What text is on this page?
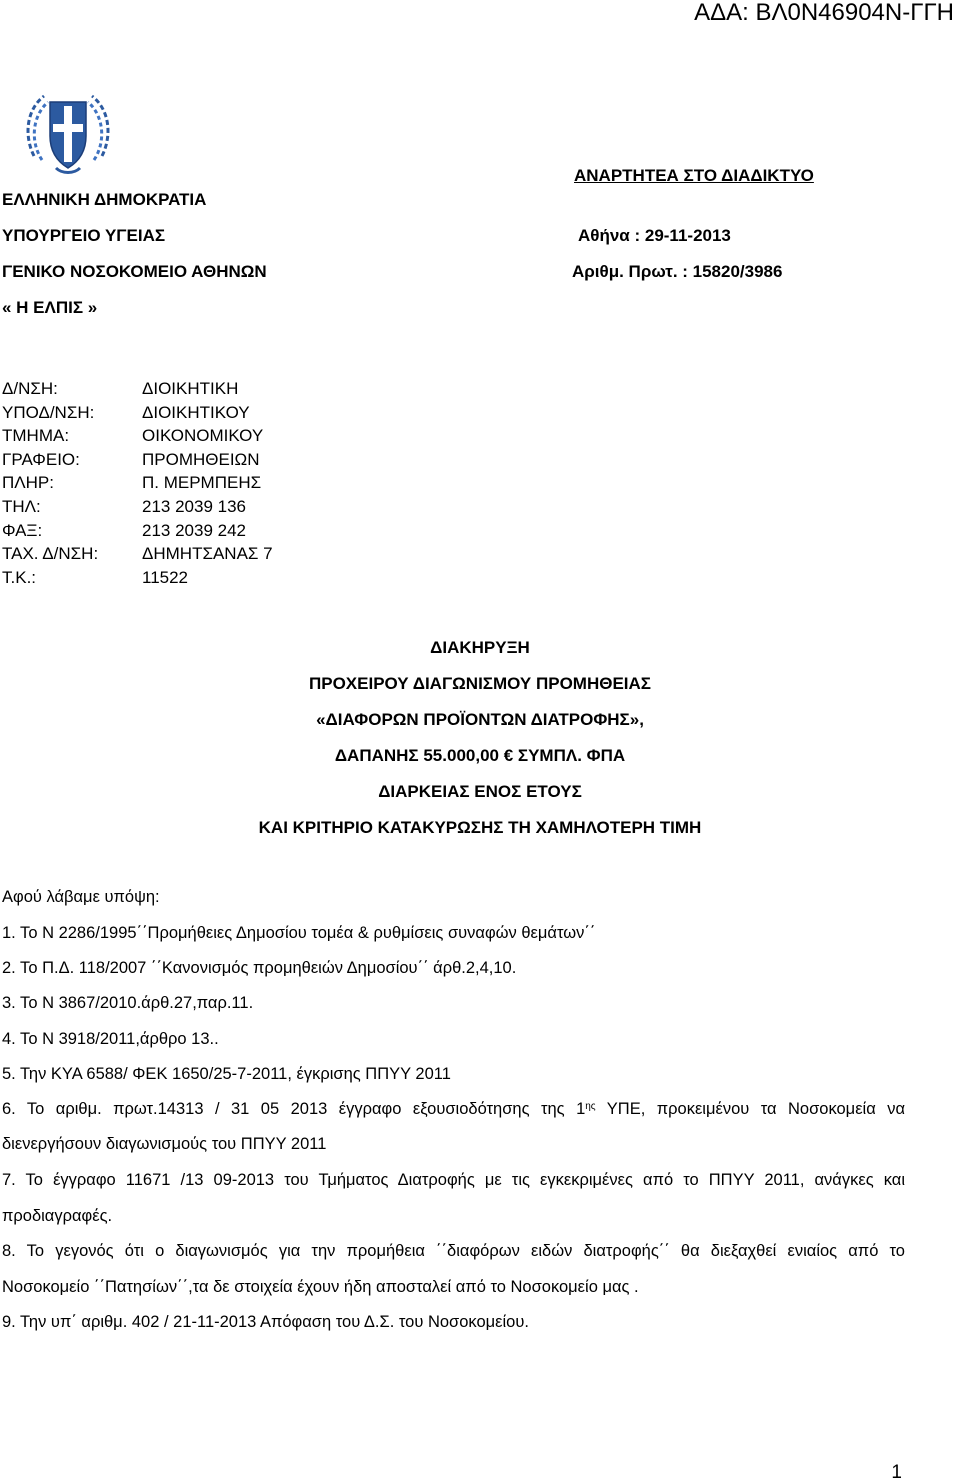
ΑΔΑ: ΒΛ0Ν46904Ν-ΓΓΗ
ΕΛΛΗΝΙΚΗ ΔΗΜΟΚΡΑΤΙΑ
ΥΠΟΥΡΓΕΙΟ ΥΓΕΙΑΣ
ΓΕΝΙΚΟ ΝΟΣΟΚΟΜΕΙΟ ΑΘΗΝΩΝ
« Η ΕΛΠΙΣ »
ΑΝΑΡΤΗΤΕΑ ΣΤΟ ΔΙΑΔΙΚΤΥΟ
Αθήνα : 29-11-2013
Αριθμ. Πρωτ. : 15820/3986
Δ/ΝΣΗ:	ΔΙΟΙΚΗΤΙΚΗ
ΥΠΟΔ/ΝΣΗ:	ΔΙΟΙΚΗΤΙΚΟΥ
ΤΜΗΜΑ:	ΟΙΚΟΝΟΜΙΚΟΥ
ΓΡΑΦΕΙΟ:	ΠΡΟΜΗΘΕΙΩΝ
ΠΛΗΡ:	Π. ΜΕΡΜΠΕΗΣ
ΤΗΛ:	213 2039 136
ΦΑΞ:	213 2039 242
ΤΑΧ. Δ/ΝΣΗ:	ΔΗΜΗΤΣΑΝΑΣ 7
Τ.Κ.:	11522
ΔΙΑΚΗΡΥΞΗ
ΠΡΟΧΕΙΡΟΥ ΔΙΑΓΩΝΙΣΜΟΥ ΠΡΟΜΗΘΕΙΑΣ
«ΔΙΑΦΟΡΩΝ ΠΡΟΪΟΝΤΩΝ ΔΙΑΤΡΟΦΗΣ»,
ΔΑΠΑΝΗΣ 55.000,00 € ΣΥΜΠΛ. ΦΠΑ
ΔΙΑΡΚΕΙΑΣ ΕΝΟΣ ΕΤΟΥΣ
ΚΑΙ ΚΡΙΤΗΡΙΟ ΚΑΤΑΚΥΡΩΣΗΣ ΤΗ ΧΑΜΗΛΟΤΕΡΗ ΤΙΜΗ
Αφού λάβαμε υπόψη:
1. Το Ν 2286/1995΄΄Προμήθειες Δημοσίου τομέα & ρυθμίσεις συναφών θεμάτων΄΄
2. Το Π.Δ. 118/2007 ΄΄Κανονισμός προμηθειών Δημοσίου΄΄ άρθ.2,4,10.
3. Το Ν 3867/2010.άρθ.27,παρ.11.
4. Το Ν 3918/2011,άρθρο 13..
5. Την ΚΥΑ 6588/ ΦΕΚ 1650/25-7-2011, έγκρισης ΠΠΥΥ 2011
6. Το αριθμ. πρωτ.14313 / 31 05 2013 έγγραφο εξουσιοδότησης της $1^{\eta\varsigma}$ ΥΠΕ, προκειμένου τα Νοσοκομεία να
διενεργήσουν διαγωνισμούς του ΠΠΥΥ 2011
7. Το έγγραφο 11671 /13 09-2013 του Τμήματος Διατροφής με τις εγκεκριμένες από το ΠΠΥΥ 2011, ανάγκες και
προδιαγραφές.
8. Το γεγονός ότι ο διαγωνισμός για την προμήθεια ΄΄διαφόρων ειδών διατροφής΄΄ θα διεξαχθεί ενιαίος από το
Νοσοκομείο ΄΄Πατησίων΄΄,τα δε στοιχεία έχουν ήδη αποσταλεί από το Νοσοκομείο μας .
9. Την υπ΄ αριθμ. 402 / 21-11-2013 Απόφαση του Δ.Σ. του Νοσοκομείου.
1
